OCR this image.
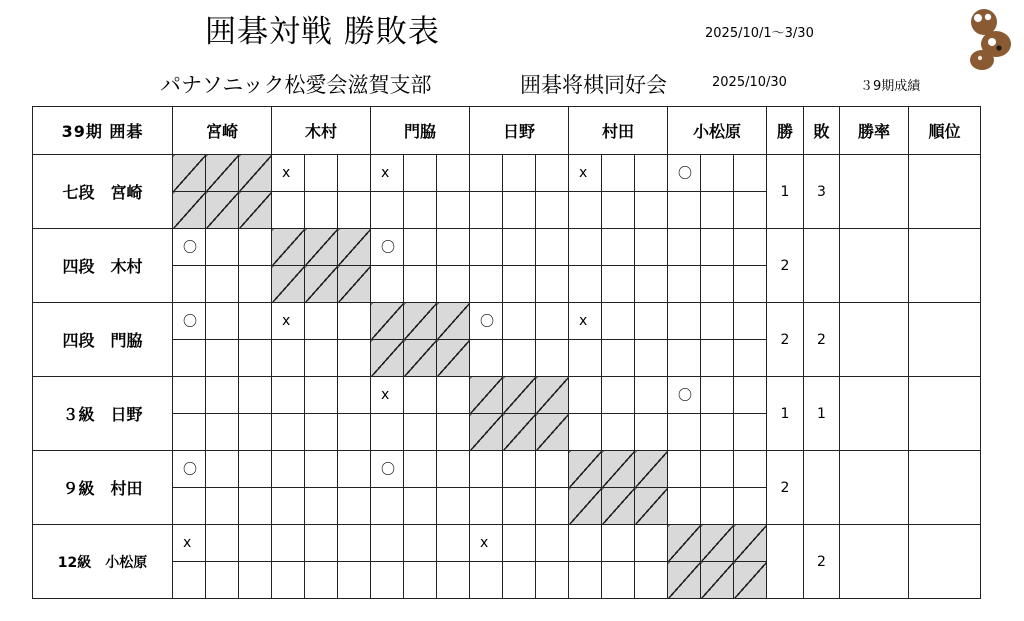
囲碁対戦 勝敗表	2025/10/1～3/30
パナソニック松愛会滋賀支部	囲碁将棋同好会	2025/10/30	３9期成績
39期 囲碁	宮崎			木村			門脇			日野			村田			小松原			勝	敗	勝率	順位
七段　宮崎				x			x						x			〇			1	3		

四段　木村	〇						〇												2			

四段　門脇	〇			x						〇			x						2	2		

３級　日野							x									〇			1	1		

９級　村田	〇						〇												2			

12級　小松原	x									x										2		
